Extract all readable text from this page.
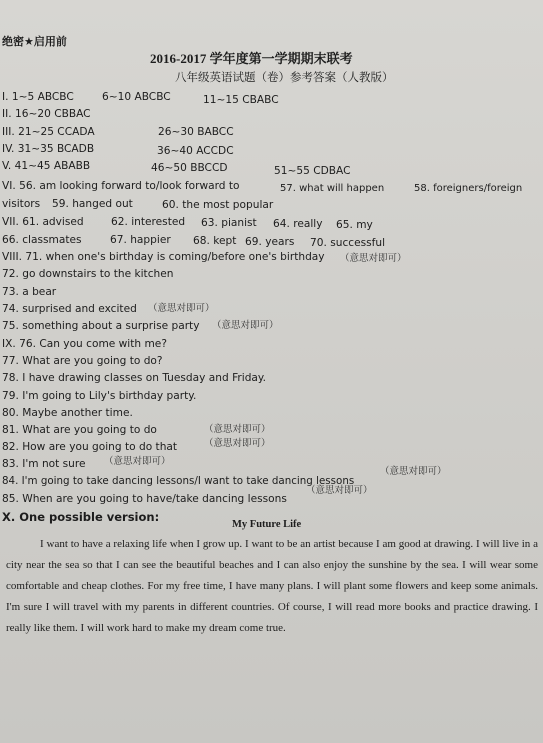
绝密★启用前
2016-2017 学年度第一学期期末联考
八年级英语试题（卷）参考答案（人教版）
I. 1~5 ABCBC	6~10 ABCBC	11~15 CBABC
II. 16~20 CBBAC
III. 21~25 CCADA	26~30 BABCC
IV. 31~35 BCADB	36~40 ACCDC
V. 41~45 ABABB	46~50 BBCCD	51~55 CDBAC
VI. 56. am looking forward to/look forward to	57. what will happen	58. foreigners/foreign
visitors 59. hanged out	60. the most popular
VII. 61. advised	62. interested 63. pianist 64. really 65. my
66. classmates	67. happier 68. kept 69. years 70. successful
VIII. 71. when one's birthday is coming/before one's birthday （意思对即可）
72. go downstairs to the kitchen
73. a bear
74. surprised and excited （意思对即可）
75. something about a surprise party （意思对即可）
IX. 76. Can you come with me?
77. What are you going to do?
78. I have drawing classes on Tuesday and Friday.
79. I'm going to Lily's birthday party.
80. Maybe another time.
81. What are you going to do	（意思对即可）
82. How are you going to do that	（意思对即可）
83. I'm not sure （意思对即可）
84. I'm going to take dancing lessons/I want to take dancing lessons
（意思对即可）
85. When are you going to have/take dancing lessons
（意思对即可）
X. One possible version:
My Future Life
I want to have a relaxing life when I grow up. I want to be an artist because I am good at drawing. I will live in a city near the sea so that I can see the beautiful beaches and I can also enjoy the sunshine by the sea. I will wear some comfortable and cheap clothes. For my free time, I have many plans. I will plant some flowers and keep some animals. I'm sure I will travel with my parents in different countries. Of course, I will read more books and practice drawing. I really like them. I will work hard to make my dream come true.
